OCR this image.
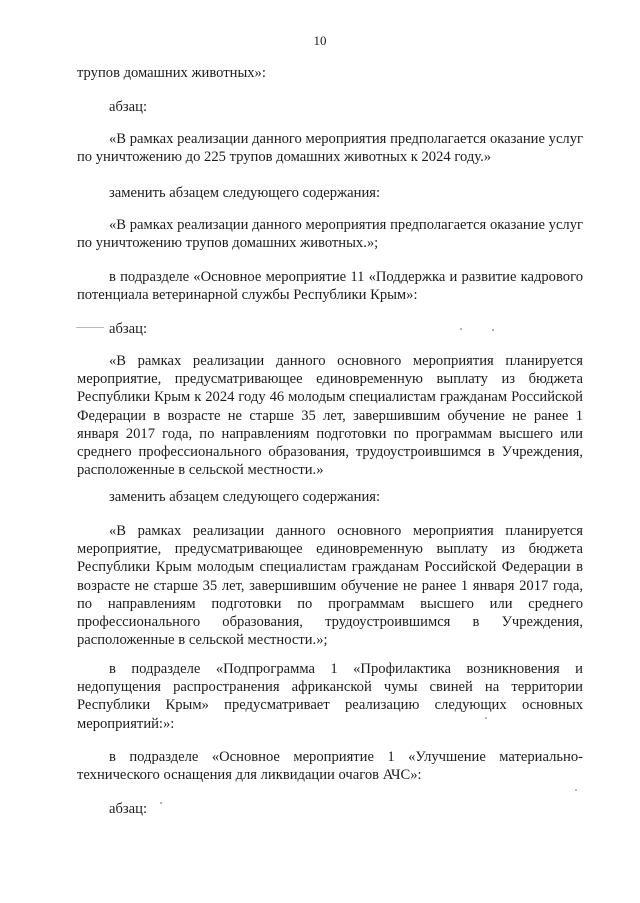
10

трупов домашних животных»:

абзац:

«В рамках реализации данного мероприятия предполагается оказание услуг по уничтожению до 225 трупов домашних животных к 2024 году.»

заменить абзацем следующего содержания:

«В рамках реализации данного мероприятия предполагается оказание услуг по уничтожению трупов домашних животных.»;

в подразделе «Основное мероприятие 11 «Поддержка и развитие кадрового потенциала ветеринарной службы Республики Крым»:

абзац:

«В рамках реализации данного основного мероприятия планируется мероприятие, предусматривающее единовременную выплату из бюджета Республики Крым к 2024 году 46 молодым специалистам гражданам Российской Федерации в возрасте не старше 35 лет, завершившим обучение не ранее 1 января 2017 года, по направлениям подготовки по программам высшего или среднего профессионального образования, трудоустроившимся в Учреждения, расположенные в сельской местности.»

заменить абзацем следующего содержания:

«В рамках реализации данного основного мероприятия планируется мероприятие, предусматривающее единовременную выплату из бюджета Республики Крым молодым специалистам гражданам Российской Федерации в возрасте не старше 35 лет, завершившим обучение не ранее 1 января 2017 года, по направлениям подготовки по программам высшего или среднего профессионального образования, трудоустроившимся в Учреждения, расположенные в сельской местности.»;

в подразделе «Подпрограмма 1 «Профилактика возникновения и недопущения распространения африканской чумы свиней на территории Республики Крым» предусматривает реализацию следующих основных мероприятий:»:

в подразделе «Основное мероприятие 1 «Улучшение материально-технического оснащения для ликвидации очагов АЧС»:

абзац:
